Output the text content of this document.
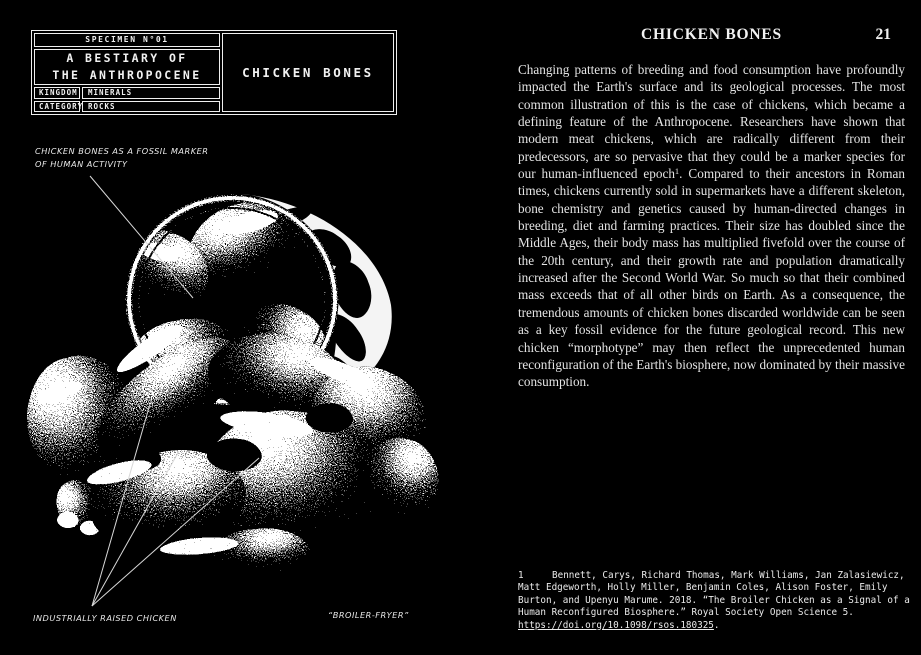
SPECIMEN N°01
A BESTIARY OF
THE ANTHROPOCENE
KINGDOM	MINERALS
CATEGORY ROCKS
CHICKEN BONES
CHICKEN BONES AS A FOSSIL MARKER
OF HUMAN ACTIVITY
INDUSTRIALLY RAISED CHICKEN	“BROILER-FRYER”
CHICKEN BONES	21
Changing patterns of breeding and food consumption have profoundly impacted the Earth's surface and its geological processes. The most common illustration of this is the case of chickens, which became a defining feature of the Anthropocene. Researchers have shown that modern meat chickens, which are radically different from their predecessors, are so pervasive that they could be a marker species for our human-influenced epoch$^1$. Compared to their ancestors in Roman times, chickens currently sold in supermarkets have a different skeleton, bone chemistry and genetics caused by human-directed changes in breeding, diet and farming practices. Their size has doubled since the Middle Ages, their body mass has multiplied fivefold over the course of the 20th century, and their growth rate and population dramatically increased after the Second World War. So much so that their combined mass exceeds that of all other birds on Earth. As a consequence, the tremendous amounts of chicken bones discarded worldwide can be seen as a key fossil evidence for the future geological record. This new chicken “morphotype” may then reflect the unprecedented human reconfiguration of the Earth's biosphere, now dominated by their massive consumption.
1	Bennett, Carys, Richard Thomas, Mark Williams, Jan Zalasiewicz, Matt Edgeworth, Holly Miller, Benjamin Coles, Alison Foster, Emily Burton, and Upenyu Marume. 2018. “The Broiler Chicken as a Signal of a Human Reconfigured Biosphere.” Royal Society Open Science 5. https://doi.org/10.1098/rsos.180325.
